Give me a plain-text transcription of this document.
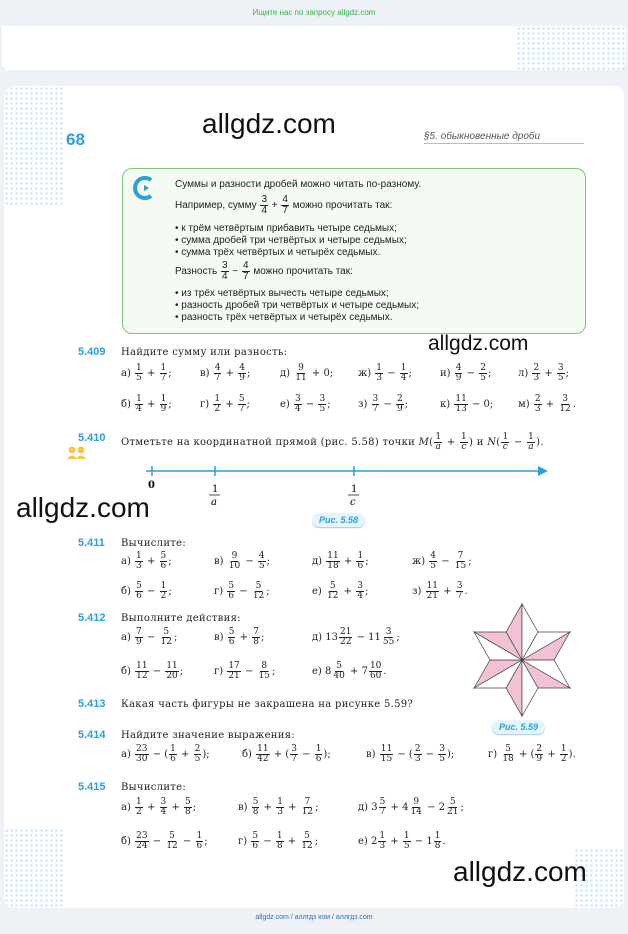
Ищите нас по запросу allgdz.com
allgdz.com
68	§5. обыкновенные дроби
Суммы и разности дробей можно читать по-разному.
Например, сумму $\frac{3}{4} + \frac{4}{7}$ можно прочитать так:
• к трём четвёртым прибавить четыре седьмых;
• сумма дробей три четвёртых и четыре седьмых;
• сумма трёх четвёртых и четырёх седьмых.
Разность $\frac{3}{4} - \frac{4}{7}$ можно прочитать так:
• из трёх четвёртых вычесть четыре седьмых;
• разность дробей три четвёртых и четыре седьмых;
• разность трёх четвёртых и четырёх седьмых.
allgdz.com
5.409 Найдите сумму или разность:
$а) \frac{1}{5} + \frac{1}{7}$ ;	$в) \frac{4}{7} + \frac{4}{9}$ ;	$д) \frac{9}{11} + 0$; $ж) \frac{1}{3} - \frac{1}{4}$ ;	$и) \frac{4}{9} - \frac{2}{5}$ ;	$л) \frac{2}{3} + \frac{3}{5}$ ;
$б) \frac{1}{4} + \frac{1}{9}$ ;	$г) \frac{1}{2} + \frac{5}{7}$ ;	$е) \frac{3}{4} - \frac{3}{5}$ ;	$з) \frac{3}{7} - \frac{2}{9}$ ;	$к) \frac{11}{13} - 0$; $м) \frac{2}{3} + \frac{3}{12}$ .
5.410 Отметьте на координатной прямой (рис. 5.58) точки $M( \frac{1}{a} + \frac{1}{c}$ ) и $N( \frac{1}{c} - \frac{1}{a}$ ).
0	1
a
1
c
allgdz.com	Рис. 5.58
5.411 Вычислите:
$а) \frac{1}{3} + \frac{5}{6}$ ;	$в) \frac{9}{10} - \frac{4}{5}$ ;	$д) \frac{11}{18} + \frac{1}{6}$ ;	$ж) \frac{4}{5} - \frac{7}{15}$ ;
$б) \frac{5}{6} - \frac{1}{2}$ ;	$г) \frac{5}{6} - \frac{5}{12}$ ;	$е) \frac{5}{12} + \frac{3}{4}$ ;	$з) \frac{11}{21} + \frac{3}{7}$ .
5.412 Выполните действия:
$а) \frac{7}{9} - \frac{5}{12}$ ;	$в) \frac{5}{6} + \frac{7}{8}$ ;	д) $13 \frac{21}{22} - 11 \frac{3}{55}$ ;
$б) \frac{11}{12} - \frac{11}{20}$ ;	$г) \frac{17}{21} - \frac{8}{15}$ ;	е) $8 \frac{5}{40} + 7 \frac{10}{60}$ .
Рис. 5.59
5.413 Какая часть фигуры не закрашена на рисунке 5.59?
5.414 Найдите значение выражения:
$а) \frac{23}{30}$ − ( $\frac{1}{6} + \frac{2}{5}$ );	$б) \frac{11}{42}$ + ( $\frac{3}{7} - \frac{1}{6}$ );	$в) \frac{11}{15}$ − ( $\frac{2}{3} - \frac{3}{5}$ );	$г) \frac{5}{18}$ + ( $\frac{2}{9} + \frac{1}{2}$ ).
5.415 Вычислите:
$а) \frac{1}{2} + \frac{3}{4} + \frac{5}{8}$ ;	$в) \frac{5}{8} + \frac{1}{3} + \frac{7}{12}$ ;	д) $3 \frac{5}{7} + 4 \frac{9}{14} - 2 \frac{5}{21}$ ;
$б) \frac{23}{24} - \frac{5}{12} - \frac{1}{6}$ ;	$г) \frac{5}{6} - \frac{1}{8} + \frac{5}{12}$ ;	е) $2 \frac{1}{3} + \frac{1}{5} - 1 \frac{1}{8}$ .
allgdz.com
allgdz.com / аллгдз ком / аллгдз.com
